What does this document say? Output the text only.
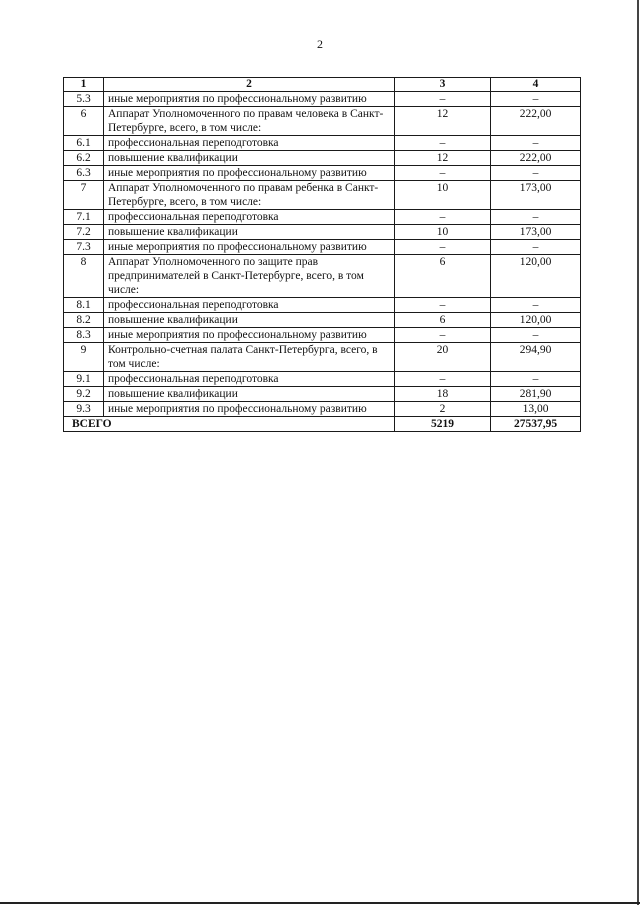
2
1	2	3	4
5.3	иные мероприятия по профессиональному развитию	–	–
6	Аппарат Уполномоченного по правам человека в Санкт-Петербурге, всего, в том числе:	12	222,00
6.1	профессиональная переподготовка	–	–
6.2	повышение квалификации	12	222,00
6.3	иные мероприятия по профессиональному развитию	–	–
7	Аппарат Уполномоченного по правам ребенка в Санкт-Петербурге, всего, в том числе:	10	173,00
7.1	профессиональная переподготовка	–	–
7.2	повышение квалификации	10	173,00
7.3	иные мероприятия по профессиональному развитию	–	–
8	Аппарат Уполномоченного по защите прав предпринимателей в Санкт-Петербурге, всего, в том числе:	6	120,00
8.1	профессиональная переподготовка	–	–
8.2	повышение квалификации	6	120,00
8.3	иные мероприятия по профессиональному развитию	–	–
9	Контрольно-счетная палата Санкт-Петербурга, всего, в том числе:	20	294,90
9.1	профессиональная переподготовка	–	–
9.2	повышение квалификации	18	281,90
9.3	иные мероприятия по профессиональному развитию	2	13,00
ВСЕГО		5219	27537,95
